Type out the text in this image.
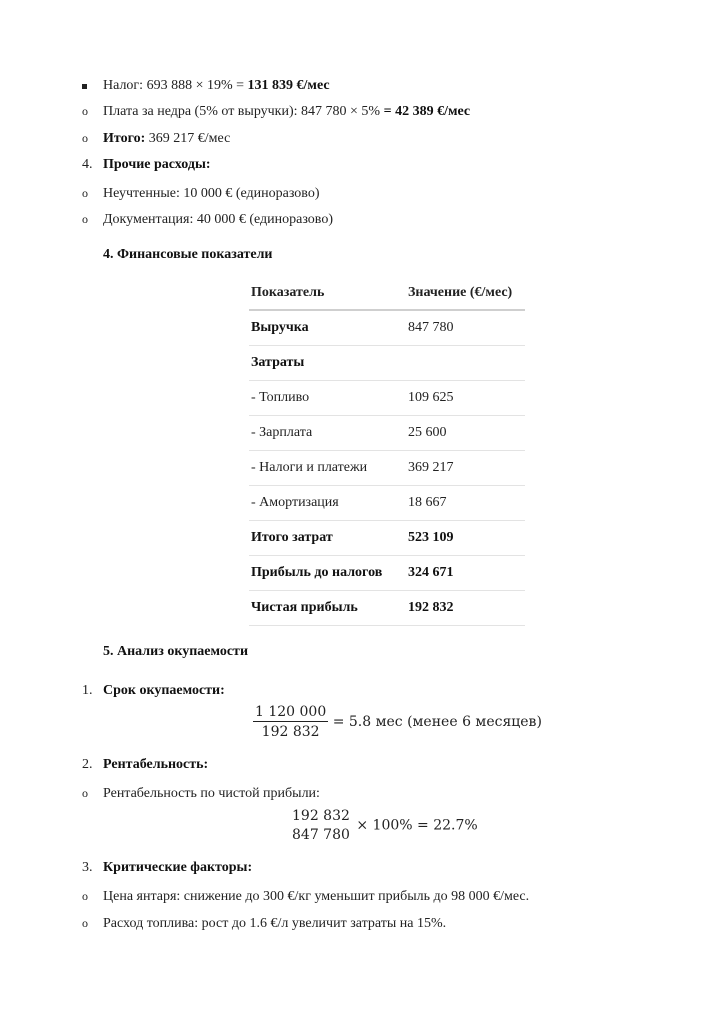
Налог: 693 888 × 19% = 131 839 €/мес
o Плата за недра (5% от выручки): 847 780 × 5% = 42 389 €/мес
o Итого: 369 217 €/мес
4. Прочие расходы:
o Неучтенные: 10 000 € (единоразово)
o Документация: 40 000 € (единоразово)
4. Финансовые показатели
Показатель	Значение (€/мес)
Выручка	847 780
Затраты	
- Топливо	109 625
- Зарплата	25 600
- Налоги и платежи	369 217
- Амортизация	18 667
Итого затрат	523 109
Прибыль до налогов	324 671
Чистая прибыль	192 832
5. Анализ окупаемости
1. Срок окупаемости:
$\frac{1 120 000}{192 832} = 5.8$ мес (менее 6 месяцев)
2. Рентабельность:
o Рентабельность по чистой прибыли:
192 832
847 780
× 100% = 22.7%
3. Критические факторы:
o Цена янтаря: снижение до 300 €/кг уменьшит прибыль до 98 000 €/мес.
o Расход топлива: рост до 1.6 €/л увеличит затраты на 15%.
